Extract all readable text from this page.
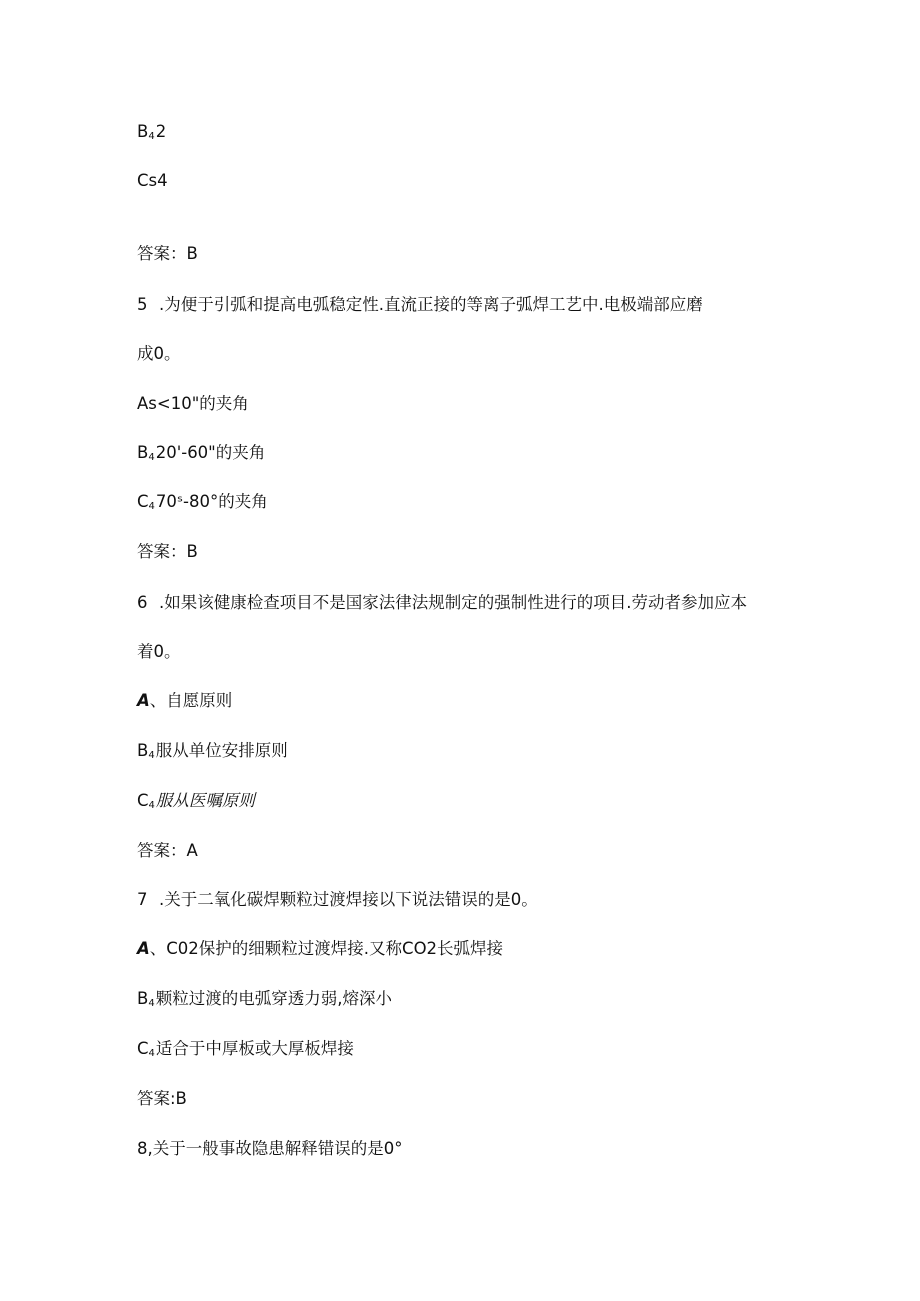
$B_42$
Cs4
答案：B
5 .为便于引弧和提高电弧稳定性.直流正接的等离子弧焊工艺中.电极端部应磨
成0。
As<10"的夹角
$B_420'-60$"的夹角
$C_470ˢ-80^\circ$的夹角
答案：B
6 .如果该健康检查项目不是国家法律法规制定的强制性进行的项目.劳动者参加应本
着0。
A、自愿原则
$B_4$服从单位安排原则
$C_4$服从医嘱原则
答案：A
7 .关于二氧化碳焊颗粒过渡焊接以下说法错误的是0。
A、C02保护的细颗粒过渡焊接.又称CO2长弧焊接
$B_4$颗粒过渡的电弧穿透力弱,熔深小
$C_4$适合于中厚板或大厚板焊接
答案:B
8,关于一般事故隐患解释错误的是0°
